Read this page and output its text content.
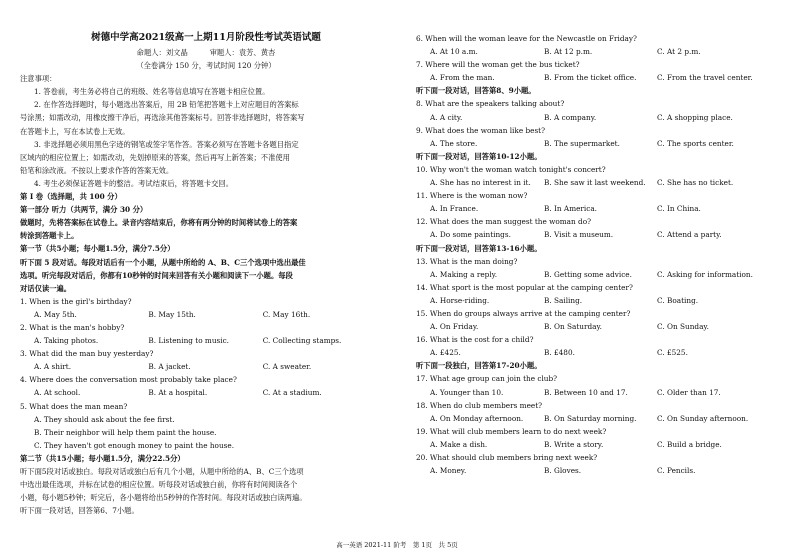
树德中学高2021级高一上期11月阶段性考试英语试题
命题人：刘文晶　　　审题人：袁芳、黄杏
（全卷满分 150 分，考试时间 120 分钟）
注意事项：
1. 答卷前，考生务必将自己的班级、姓名等信息填写在答题卡相应位置。
2. 在作答选择题时，每小题选出答案后，用 2B 铅笔把答题卡上对应题目的答案标
号涂黑；如需改动，用橡皮擦干净后，再选涂其他答案标号。回答非选择题时，将答案写
在答题卡上，写在本试卷上无效。
3. 非选择题必须用黑色字迹的钢笔或签字笔作答。答案必须写在答题卡各题目指定
区域内的相应位置上；如需改动，先划掉原来的答案，然后再写上新答案；不准使用
铅笔和涂改液。不按以上要求作答的答案无效。
4. 考生必须保证答题卡的整洁。考试结束后，将答题卡交回。
第 Ⅰ 卷（选择题，共 100 分）
第一部分 听力（共两节，满分 30 分）
做题时，先将答案标在试卷上。录音内容结束后，你将有两分钟的时间将试卷上的答案
转涂到答题卡上。
第一节（共5小题；每小题1.5分，满分7.5分）
听下面 5 段对话。每段对话后有一个小题，从题中所给的 A、B、C三个选项中选出最佳
选项。听完每段对话后，你都有10秒钟的时间来回答有关小题和阅读下一小题。每段
对话仅读一遍。
1. When is the girl's birthday?
A. May 5th.	B. May 15th.	C. May 16th.
2. What is the man's hobby?
A. Taking photos.	B. Listening to music.	C. Collecting stamps.
3. What did the man buy yesterday?
A. A shirt.	B. A jacket.	C. A sweater.
4. Where does the conversation most probably take place?
A. At school.	B. At a hospital.	C. At a stadium.
5. What does the man mean?
A. They should ask about the fee first.
B. Their neighbor will help them paint the house.
C. They haven't got enough money to paint the house.
第二节（共15小题；每小题1.5分，满分22.5分）
听下面5段对话或独白。每段对话或独白后有几个小题，从题中所给的A、B、C三个选项
中选出最佳选项，并标在试卷的相应位置。听每段对话或独白前，你将有时间阅读各个
小题，每小题5秒钟；听完后，各小题将给出5秒钟的作答时间。每段对话或独白读两遍。
听下面一段对话，回答第6、7小题。
6. When will the woman leave for the Newcastle on Friday?
A. At 10 a.m.	B. At 12 p.m.	C. At 2 p.m.
7. Where will the woman get the bus ticket?
A. From the man.	B. From the ticket office.	C. From the travel center.
听下面一段对话，回答第8、9小题。
8. What are the speakers talking about?
A. A city.	B. A company.	C. A shopping place.
9. What does the woman like best?
A. The store.	B. The supermarket.	C. The sports center.
听下面一段对话，回答第10-12小题。
10. Why won't the woman watch tonight's concert?
A. She has no interest in it.	B. She saw it last weekend.	C. She has no ticket.
11. Where is the woman now?
A. In France.	B. In America.	C. In China.
12. What does the man suggest the woman do?
A. Do some paintings.	B. Visit a museum.	C. Attend a party.
听下面一段对话，回答第13-16小题。
13. What is the man doing?
A. Making a reply.	B. Getting some advice.	C. Asking for information.
14. What sport is the most popular at the camping center?
A. Horse-riding.	B. Sailing.	C. Boating.
15. When do groups always arrive at the camping center?
A. On Friday.	B. On Saturday.	C. On Sunday.
16. What is the cost for a child?
A. £425.	B. £480.	C. £525.
听下面一段独白，回答第17-20小题。
17. What age group can join the club?
A. Younger than 10.	B. Between 10 and 17.	C. Older than 17.
18. When do club members meet?
A. On Monday afternoon.	B. On Saturday morning.	C. On Sunday afternoon.
19. What will club members learn to do next week?
A. Make a dish.	B. Write a story.	C. Build a bridge.
20. What should club members bring next week?
A. Money.	B. Gloves.	C. Pencils.
高一英语 2021-11 阶考　第 1页　共 5页
